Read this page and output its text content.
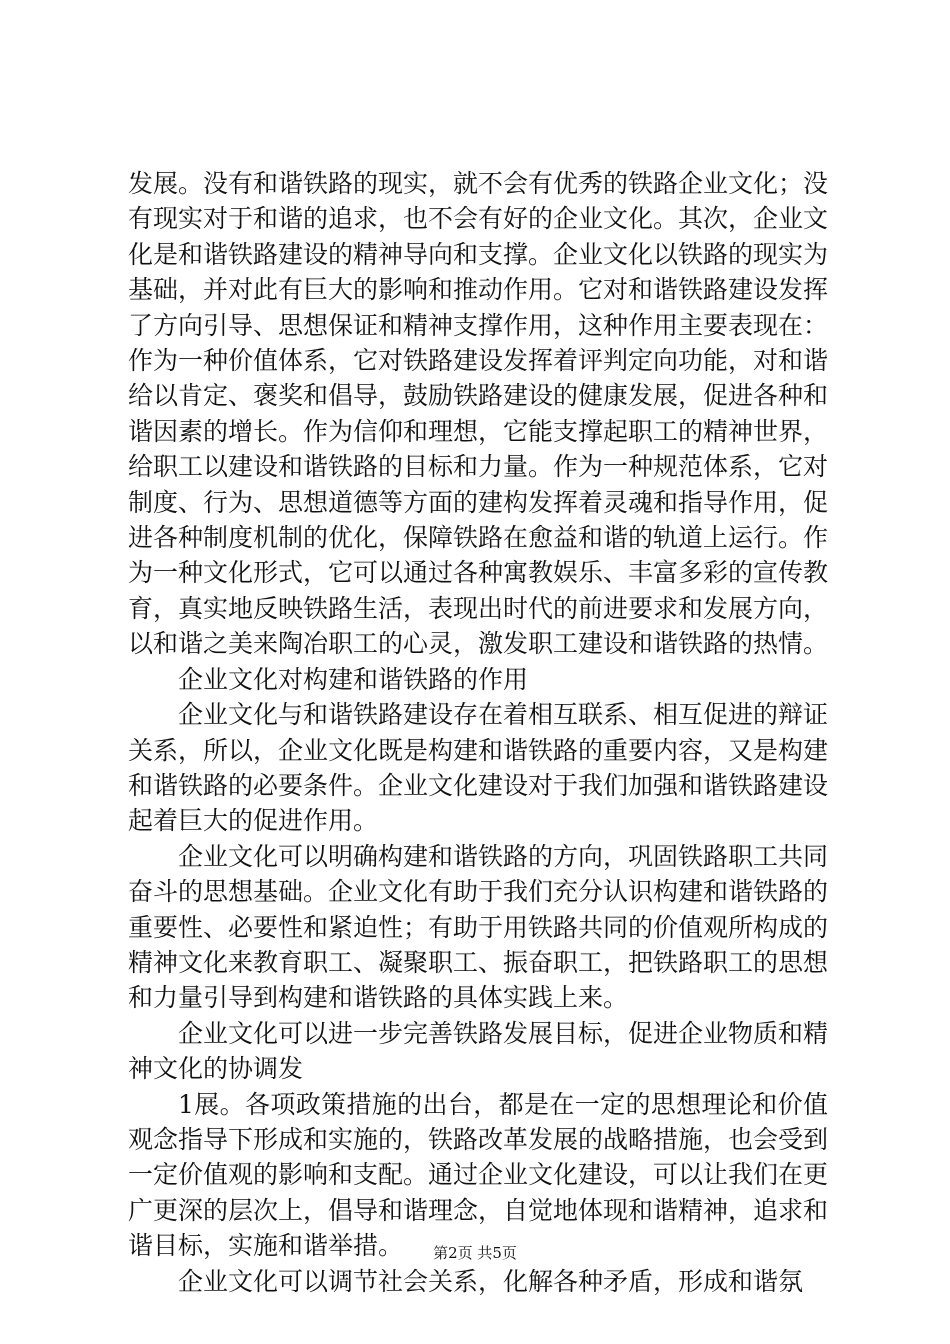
发展。没有和谐铁路的现实，就不会有优秀的铁路企业文化；没有现实对于和谐的追求，也不会有好的企业文化。其次，企业文化是和谐铁路建设的精神导向和支撑。企业文化以铁路的现实为基础，并对此有巨大的影响和推动作用。它对和谐铁路建设发挥了方向引导、思想保证和精神支撑作用，这种作用主要表现在：作为一种价值体系，它对铁路建设发挥着评判定向功能，对和谐给以肯定、褒奖和倡导，鼓励铁路建设的健康发展，促进各种和谐因素的增长。作为信仰和理想，它能支撑起职工的精神世界，给职工以建设和谐铁路的目标和力量。作为一种规范体系，它对制度、行为、思想道德等方面的建构发挥着灵魂和指导作用，促进各种制度机制的优化，保障铁路在愈益和谐的轨道上运行。作为一种文化形式，它可以通过各种寓教娱乐、丰富多彩的宣传教育，真实地反映铁路生活，表现出时代的前进要求和发展方向，以和谐之美来陶冶职工的心灵，激发职工建设和谐铁路的热情。

企业文化对构建和谐铁路的作用

企业文化与和谐铁路建设存在着相互联系、相互促进的辩证关系，所以，企业文化既是构建和谐铁路的重要内容，又是构建和谐铁路的必要条件。企业文化建设对于我们加强和谐铁路建设起着巨大的促进作用。

企业文化可以明确构建和谐铁路的方向，巩固铁路职工共同奋斗的思想基础。企业文化有助于我们充分认识构建和谐铁路的重要性、必要性和紧迫性；有助于用铁路共同的价值观所构成的精神文化来教育职工、凝聚职工、振奋职工，把铁路职工的思想和力量引导到构建和谐铁路的具体实践上来。

企业文化可以进一步完善铁路发展目标，促进企业物质和精神文化的协调发

1展。各项政策措施的出台，都是在一定的思想理论和价值观念指导下形成和实施的，铁路改革发展的战略措施，也会受到一定价值观的影响和支配。通过企业文化建设，可以让我们在更广更深的层次上，倡导和谐理念，自觉地体现和谐精神，追求和谐目标，实施和谐举措。

企业文化可以调节社会关系，化解各种矛盾，形成和谐氛

第2页 共5页
